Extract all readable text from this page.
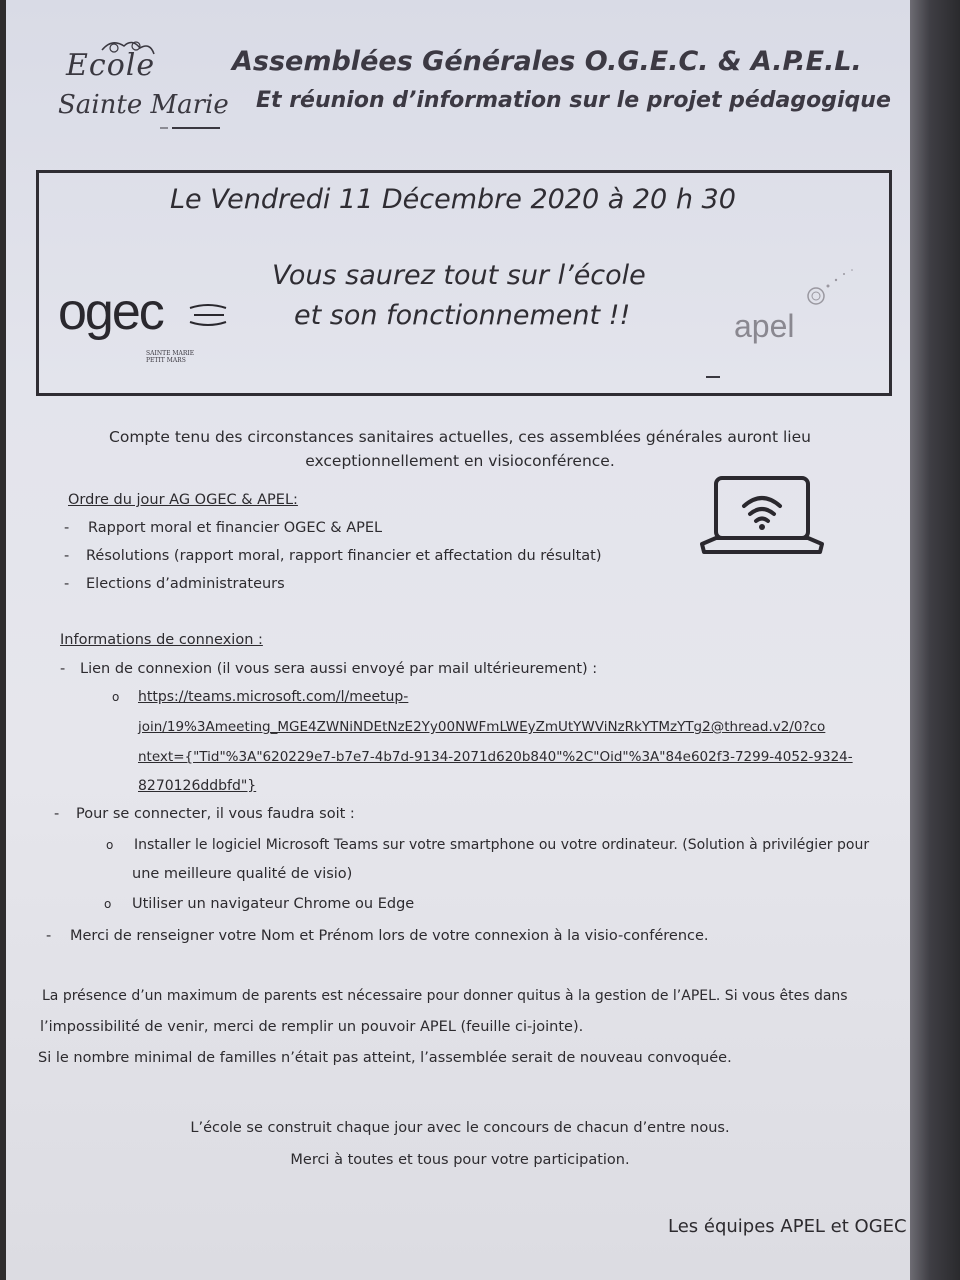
Ecole
Sainte Marie
Assemblées Générales O.G.E.C. & A.P.E.L.
Et réunion d’information sur le projet pédagogique
Le Vendredi 11 Décembre 2020 à 20 h 30
Vous saurez tout sur l’école
et son fonctionnement !!
ogec
SAINTE MARIE
PETIT MARS
apel
Compte tenu des circonstances sanitaires actuelles, ces assemblées générales auront lieu
exceptionnellement en visioconférence.
Ordre du jour AG OGEC & APEL:
- Rapport moral et financier OGEC & APEL
- Résolutions (rapport moral, rapport financier et affectation du résultat)
- Elections d’administrateurs
Informations de connexion :
- Lien de connexion (il vous sera aussi envoyé par mail ultérieurement) :
o https://teams.microsoft.com/l/meetup-
join/19%3Ameeting_MGE4ZWNiNDEtNzE2Yy00NWFmLWEyZmUtYWViNzRkYTMzYTg2@thread.v2/0?co
ntext={"Tid"%3A"620229e7-b7e7-4b7d-9134-2071d620b840"%2C"Oid"%3A"84e602f3-7299-4052-9324-
8270126ddbfd"}
- Pour se connecter, il vous faudra soit :
o Installer le logiciel Microsoft Teams sur votre smartphone ou votre ordinateur. (Solution à privilégier pour
une meilleure qualité de visio)
o Utiliser un navigateur Chrome ou Edge
- Merci de renseigner votre Nom et Prénom lors de votre connexion à la visio-conférence.
La présence d’un maximum de parents est nécessaire pour donner quitus à la gestion de l’APEL. Si vous êtes dans
l’impossibilité de venir, merci de remplir un pouvoir APEL (feuille ci-jointe).
Si le nombre minimal de familles n’était pas atteint, l’assemblée serait de nouveau convoquée.
L’école se construit chaque jour avec le concours de chacun d’entre nous.
Merci à toutes et tous pour votre participation.
Les équipes APEL et OGEC
